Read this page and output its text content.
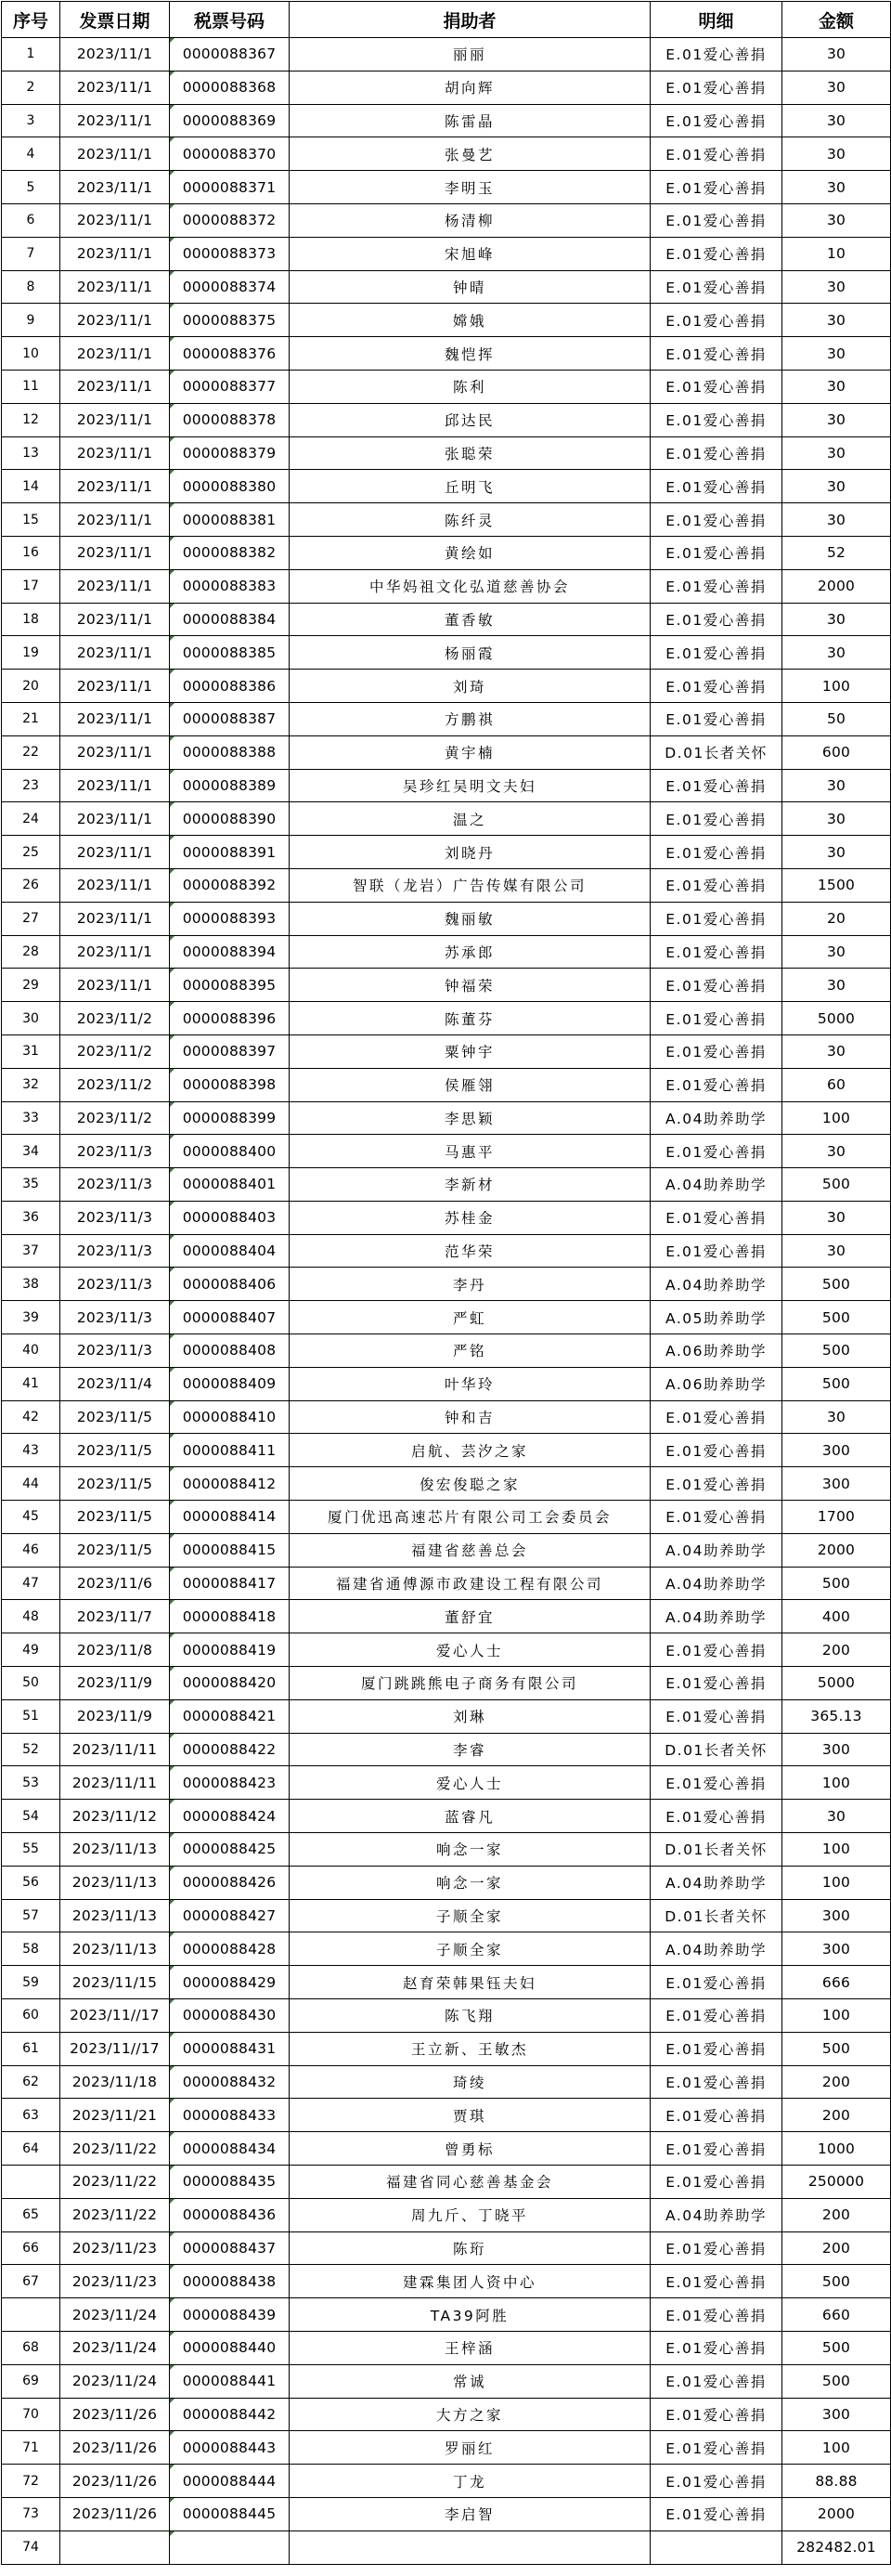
序号	发票日期	税票号码	捐助者	明细	金额
1	2023/11/1	0000088367	丽丽	E.01爱心善捐	30
2	2023/11/1	0000088368	胡向辉	E.01爱心善捐	30
3	2023/11/1	0000088369	陈雷晶	E.01爱心善捐	30
4	2023/11/1	0000088370	张曼艺	E.01爱心善捐	30
5	2023/11/1	0000088371	李明玉	E.01爱心善捐	30
6	2023/11/1	0000088372	杨清柳	E.01爱心善捐	30
7	2023/11/1	0000088373	宋旭峰	E.01爱心善捐	10
8	2023/11/1	0000088374	钟晴	E.01爱心善捐	30
9	2023/11/1	0000088375	嫦娥	E.01爱心善捐	30
10	2023/11/1	0000088376	魏恺挥	E.01爱心善捐	30
11	2023/11/1	0000088377	陈利	E.01爱心善捐	30
12	2023/11/1	0000088378	邱达民	E.01爱心善捐	30
13	2023/11/1	0000088379	张聪荣	E.01爱心善捐	30
14	2023/11/1	0000088380	丘明飞	E.01爱心善捐	30
15	2023/11/1	0000088381	陈纤灵	E.01爱心善捐	30
16	2023/11/1	0000088382	黄绘如	E.01爱心善捐	52
17	2023/11/1	0000088383	中华妈祖文化弘道慈善协会	E.01爱心善捐	2000
18	2023/11/1	0000088384	董香敏	E.01爱心善捐	30
19	2023/11/1	0000088385	杨丽霞	E.01爱心善捐	30
20	2023/11/1	0000088386	刘琦	E.01爱心善捐	100
21	2023/11/1	0000088387	方鹏祺	E.01爱心善捐	50
22	2023/11/1	0000088388	黄宇楠	D.01长者关怀	600
23	2023/11/1	0000088389	吴珍红吴明文夫妇	E.01爱心善捐	30
24	2023/11/1	0000088390	温之	E.01爱心善捐	30
25	2023/11/1	0000088391	刘晓丹	E.01爱心善捐	30
26	2023/11/1	0000088392	智联（龙岩）广告传媒有限公司	E.01爱心善捐	1500
27	2023/11/1	0000088393	魏丽敏	E.01爱心善捐	20
28	2023/11/1	0000088394	苏承郎	E.01爱心善捐	30
29	2023/11/1	0000088395	钟福荣	E.01爱心善捐	30
30	2023/11/2	0000088396	陈董芬	E.01爱心善捐	5000
31	2023/11/2	0000088397	粟钟宇	E.01爱心善捐	30
32	2023/11/2	0000088398	侯雁翎	E.01爱心善捐	60
33	2023/11/2	0000088399	李思颖	A.04助养助学	100
34	2023/11/3	0000088400	马惠平	E.01爱心善捐	30
35	2023/11/3	0000088401	李新材	A.04助养助学	500
36	2023/11/3	0000088403	苏桂金	E.01爱心善捐	30
37	2023/11/3	0000088404	范华荣	E.01爱心善捐	30
38	2023/11/3	0000088406	李丹	A.04助养助学	500
39	2023/11/3	0000088407	严虹	A.05助养助学	500
40	2023/11/3	0000088408	严铭	A.06助养助学	500
41	2023/11/4	0000088409	叶华玲	A.06助养助学	500
42	2023/11/5	0000088410	钟和吉	E.01爱心善捐	30
43	2023/11/5	0000088411	启航、芸汐之家	E.01爱心善捐	300
44	2023/11/5	0000088412	俊宏俊聪之家	E.01爱心善捐	300
45	2023/11/5	0000088414	厦门优迅高速芯片有限公司工会委员会	E.01爱心善捐	1700
46	2023/11/5	0000088415	福建省慈善总会	A.04助养助学	2000
47	2023/11/6	0000088417	福建省通傅源市政建设工程有限公司	A.04助养助学	500
48	2023/11/7	0000088418	董舒宜	A.04助养助学	400
49	2023/11/8	0000088419	爱心人士	E.01爱心善捐	200
50	2023/11/9	0000088420	厦门跳跳熊电子商务有限公司	E.01爱心善捐	5000
51	2023/11/9	0000088421	刘琳	E.01爱心善捐	365.13
52	2023/11/11	0000088422	李睿	D.01长者关怀	300
53	2023/11/11	0000088423	爱心人士	E.01爱心善捐	100
54	2023/11/12	0000088424	蓝睿凡	E.01爱心善捐	30
55	2023/11/13	0000088425	响念一家	D.01长者关怀	100
56	2023/11/13	0000088426	响念一家	A.04助养助学	100
57	2023/11/13	0000088427	子顺全家	D.01长者关怀	300
58	2023/11/13	0000088428	子顺全家	A.04助养助学	300
59	2023/11/15	0000088429	赵育荣韩果钰夫妇	E.01爱心善捐	666
60	2023/11//17	0000088430	陈飞翔	E.01爱心善捐	100
61	2023/11//17	0000088431	王立新、王敏杰	E.01爱心善捐	500
62	2023/11/18	0000088432	琦绫	E.01爱心善捐	200
63	2023/11/21	0000088433	贾琪	E.01爱心善捐	200
64	2023/11/22	0000088434	曾勇标	E.01爱心善捐	1000
	2023/11/22	0000088435	福建省同心慈善基金会	E.01爱心善捐	250000
65	2023/11/22	0000088436	周九斤、丁晓平	A.04助养助学	200
66	2023/11/23	0000088437	陈珩	E.01爱心善捐	200
67	2023/11/23	0000088438	建霖集团人资中心	E.01爱心善捐	500
	2023/11/24	0000088439	TA39阿胜	E.01爱心善捐	660
68	2023/11/24	0000088440	王梓涵	E.01爱心善捐	500
69	2023/11/24	0000088441	常诚	E.01爱心善捐	500
70	2023/11/26	0000088442	大方之家	E.01爱心善捐	300
71	2023/11/26	0000088443	罗丽红	E.01爱心善捐	100
72	2023/11/26	0000088444	丁龙	E.01爱心善捐	88.88
73	2023/11/26	0000088445	李启智	E.01爱心善捐	2000
74					282482.01
